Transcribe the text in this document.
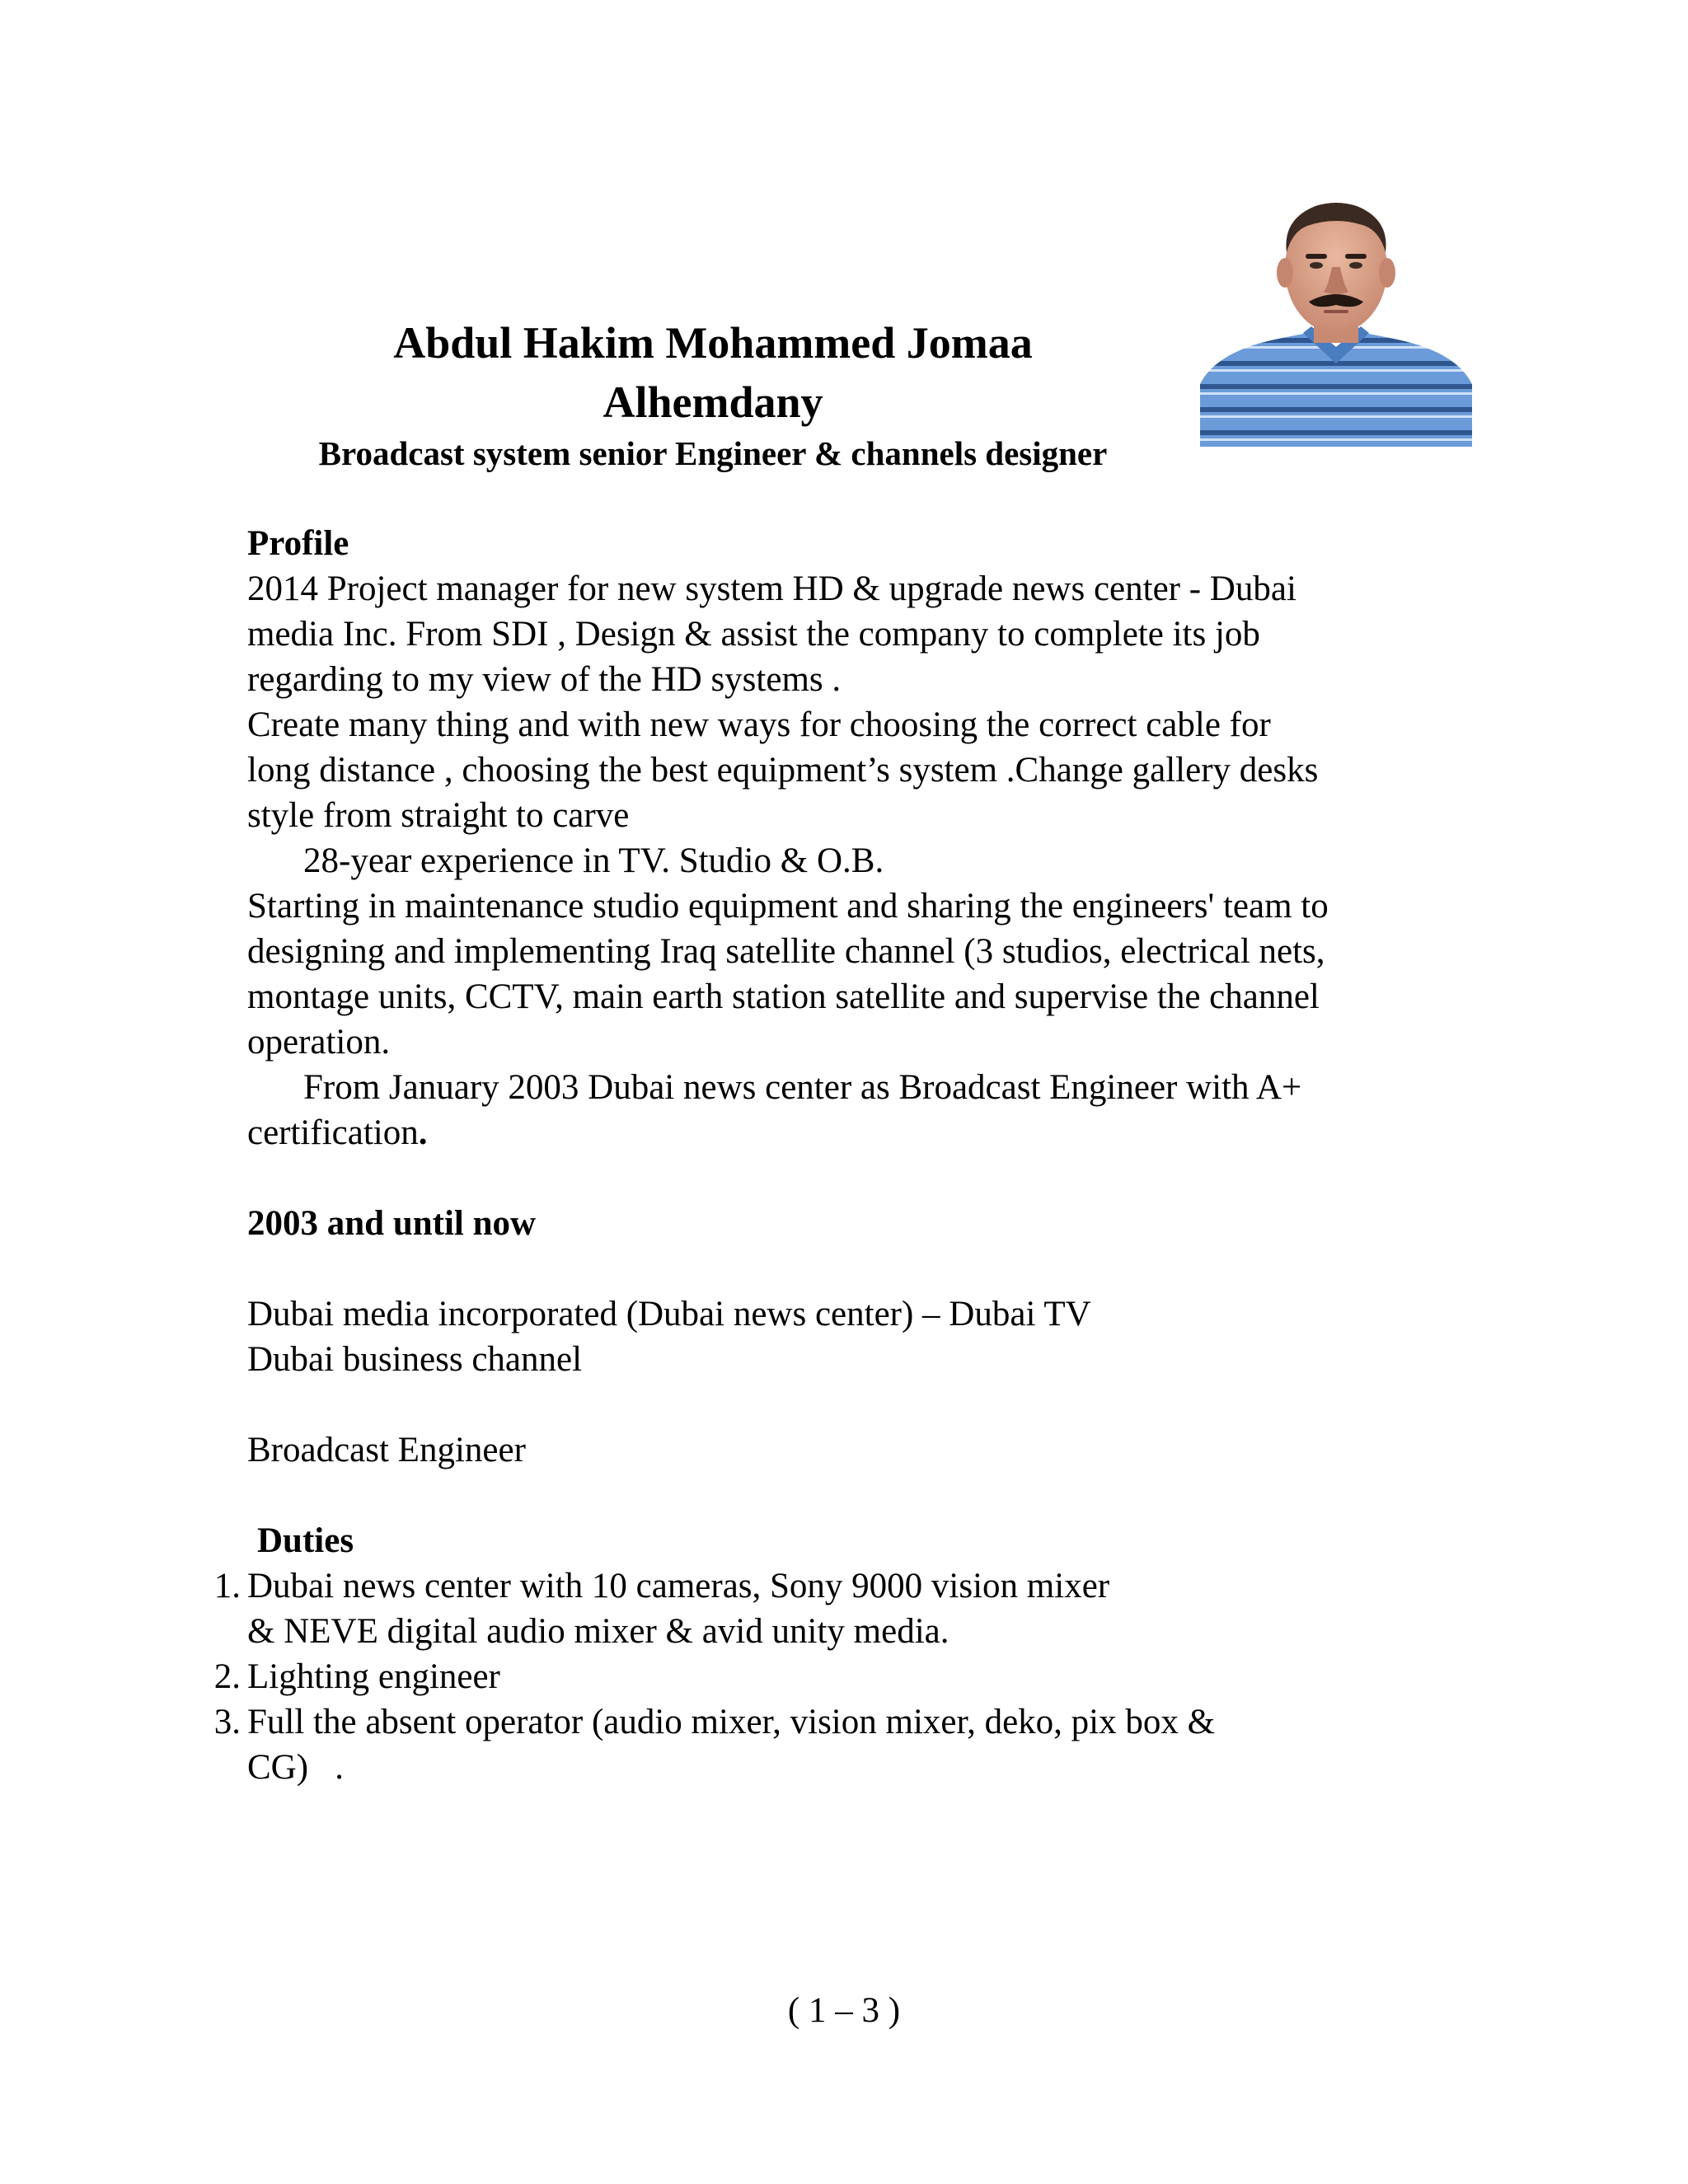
Abdul Hakim Mohammed Jomaa
Alhemdany
Broadcast system senior Engineer & channels designer
Profile
2014 Project manager for new system HD & upgrade news center - Dubai
media Inc. From SDI , Design & assist the company to complete its job
regarding to my view of the HD systems .
Create many thing and with new ways for choosing the correct cable for
long distance , choosing the best equipment’s system .Change gallery desks
style from straight to carve
28-year experience in TV. Studio & O.B.
Starting in maintenance studio equipment and sharing the engineers' team to
designing and implementing Iraq satellite channel (3 studios, electrical nets,
montage units, CCTV, main earth station satellite and supervise the channel
operation.
From January 2003 Dubai news center as Broadcast Engineer with A+
certification.
2003 and until now
Dubai media incorporated (Dubai news center) – Dubai TV
Dubai business channel
Broadcast Engineer
Duties
1. Dubai news center with 10 cameras, Sony 9000 vision mixer
& NEVE digital audio mixer & avid unity media.
2. Lighting engineer
3. Full the absent operator (audio mixer, vision mixer, deko, pix box &
CG)   .
( 1 – 3 )
